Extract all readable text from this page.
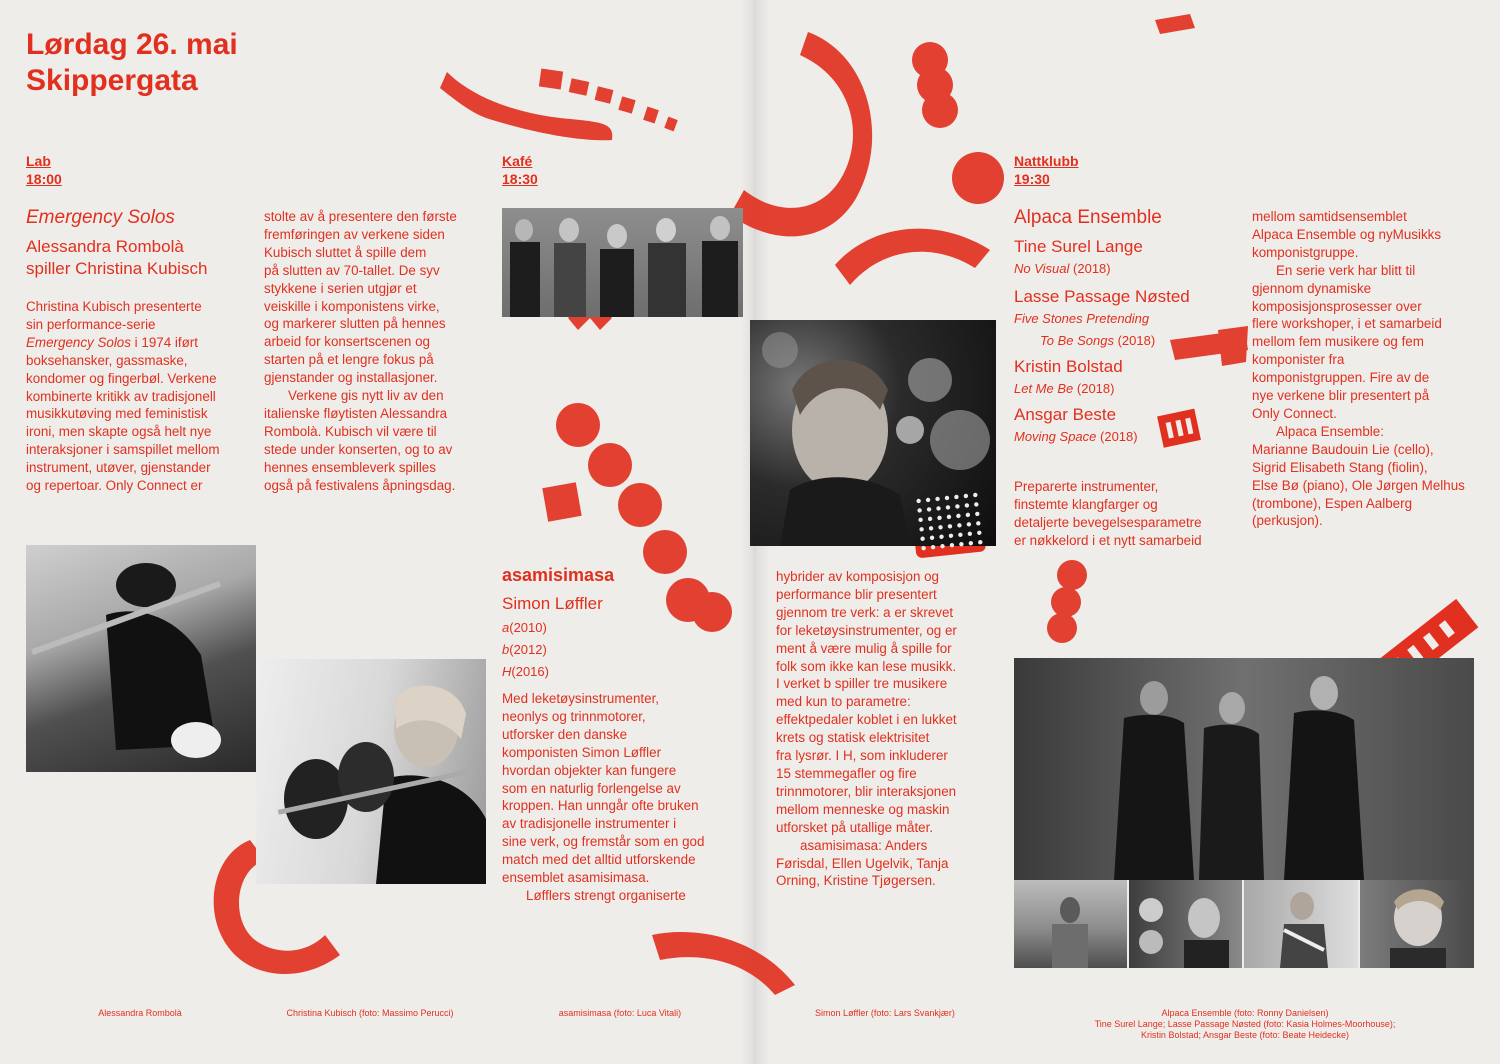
Lørdag 26. mai
Skippergata
Lab
18:00
Emergency Solos
Alessandra Rombolà
spiller Christina Kubisch

Christina Kubisch presenterte

sin performance-serie

Emergency Solos i 1974 iført

boksehansker, gassmaske,

kondomer og fingerbøl. Verkene

kombinerte kritikk av tradisjonell

musikkutøving med feministisk

ironi, men skapte også helt nye

interaksjoner i samspillet mellom

instrument, utøver, gjenstander

og repertoar. Only Connect er

stolte av å presentere den første

fremføringen av verkene siden

Kubisch sluttet å spille dem

på slutten av 70-tallet. De syv

stykkene i serien utgjør et

veiskille i komponistens virke,

og markerer slutten på hennes

arbeid for konsertscenen og

starten på et lengre fokus på

gjenstander og installasjoner.

Verkene gis nytt liv av den

italienske fløytisten Alessandra

Rombolà. Kubisch vil være til

stede under konserten, og to av

hennes ensembleverk spilles

også på festivalens åpningsdag.

Kafé
18:30
asamisimasa
Simon Løffler
a(2010)
b(2012)
H(2016)

Med leketøysinstrumenter,

neonlys og trinnmotorer,

utforsker den danske

komponisten Simon Løffler

hvordan objekter kan fungere

som en naturlig forlengelse av

kroppen. Han unngår ofte bruken

av tradisjonelle instrumenter i

sine verk, og fremstår som en god

match med det alltid utforskende

ensemblet asamisimasa.

Løfflers strengt organiserte

hybrider av komposisjon og

performance blir presentert

gjennom tre verk: a er skrevet

for leketøysinstrumenter, og er

ment å være mulig å spille for

folk som ikke kan lese musikk.

I verket b spiller tre musikere

med kun to parametre:

effektpedaler koblet i en lukket

krets og statisk elektrisitet

fra lysrør. I H, som inkluderer

15 stemmegafler og fire

trinnmotorer, blir interaksjonen

mellom menneske og maskin

utforsket på utallige måter.

asamisimasa: Anders

Førisdal, Ellen Ugelvik, Tanja

Orning, Kristine Tjøgersen.

Nattklubb
19:30
Alpaca Ensemble
Tine Surel Lange
No Visual (2018)
Lasse Passage Nøsted
Five Stones Pretending
To Be Songs (2018)
Kristin Bolstad
Let Me Be (2018)
Ansgar Beste
Moving Space (2018)

Preparerte instrumenter,

finstemte klangfarger og

detaljerte bevegelsesparametre

er nøkkelord i et nytt samarbeid

mellom samtidsensemblet

Alpaca Ensemble og nyMusikks

komponistgruppe.

En serie verk har blitt til

gjennom dynamiske

komposisjonsprosesser over

flere workshoper, i et samarbeid

mellom fem musikere og fem

komponister fra

komponistgruppen. Fire av de

nye verkene blir presentert på

Only Connect.

Alpaca Ensemble:

Marianne Baudouin Lie (cello),

Sigrid Elisabeth Stang (fiolin),

Else Bø (piano), Ole Jørgen Melhus

(trombone), Espen Aalberg

(perkusjon).

Alessandra Rombolà	Christina Kubisch (foto: Massimo Perucci)	asamisimasa (foto: Luca Vitali)	Simon Løffler (foto: Lars Svankjær)	Alpaca Ensemble (foto: Ronny Danielsen)
Tine Surel Lange; Lasse Passage Nøsted (foto: Kasia Holmes-Moorhouse);
Kristin Bolstad; Ansgar Beste (foto: Beate Heidecke)
